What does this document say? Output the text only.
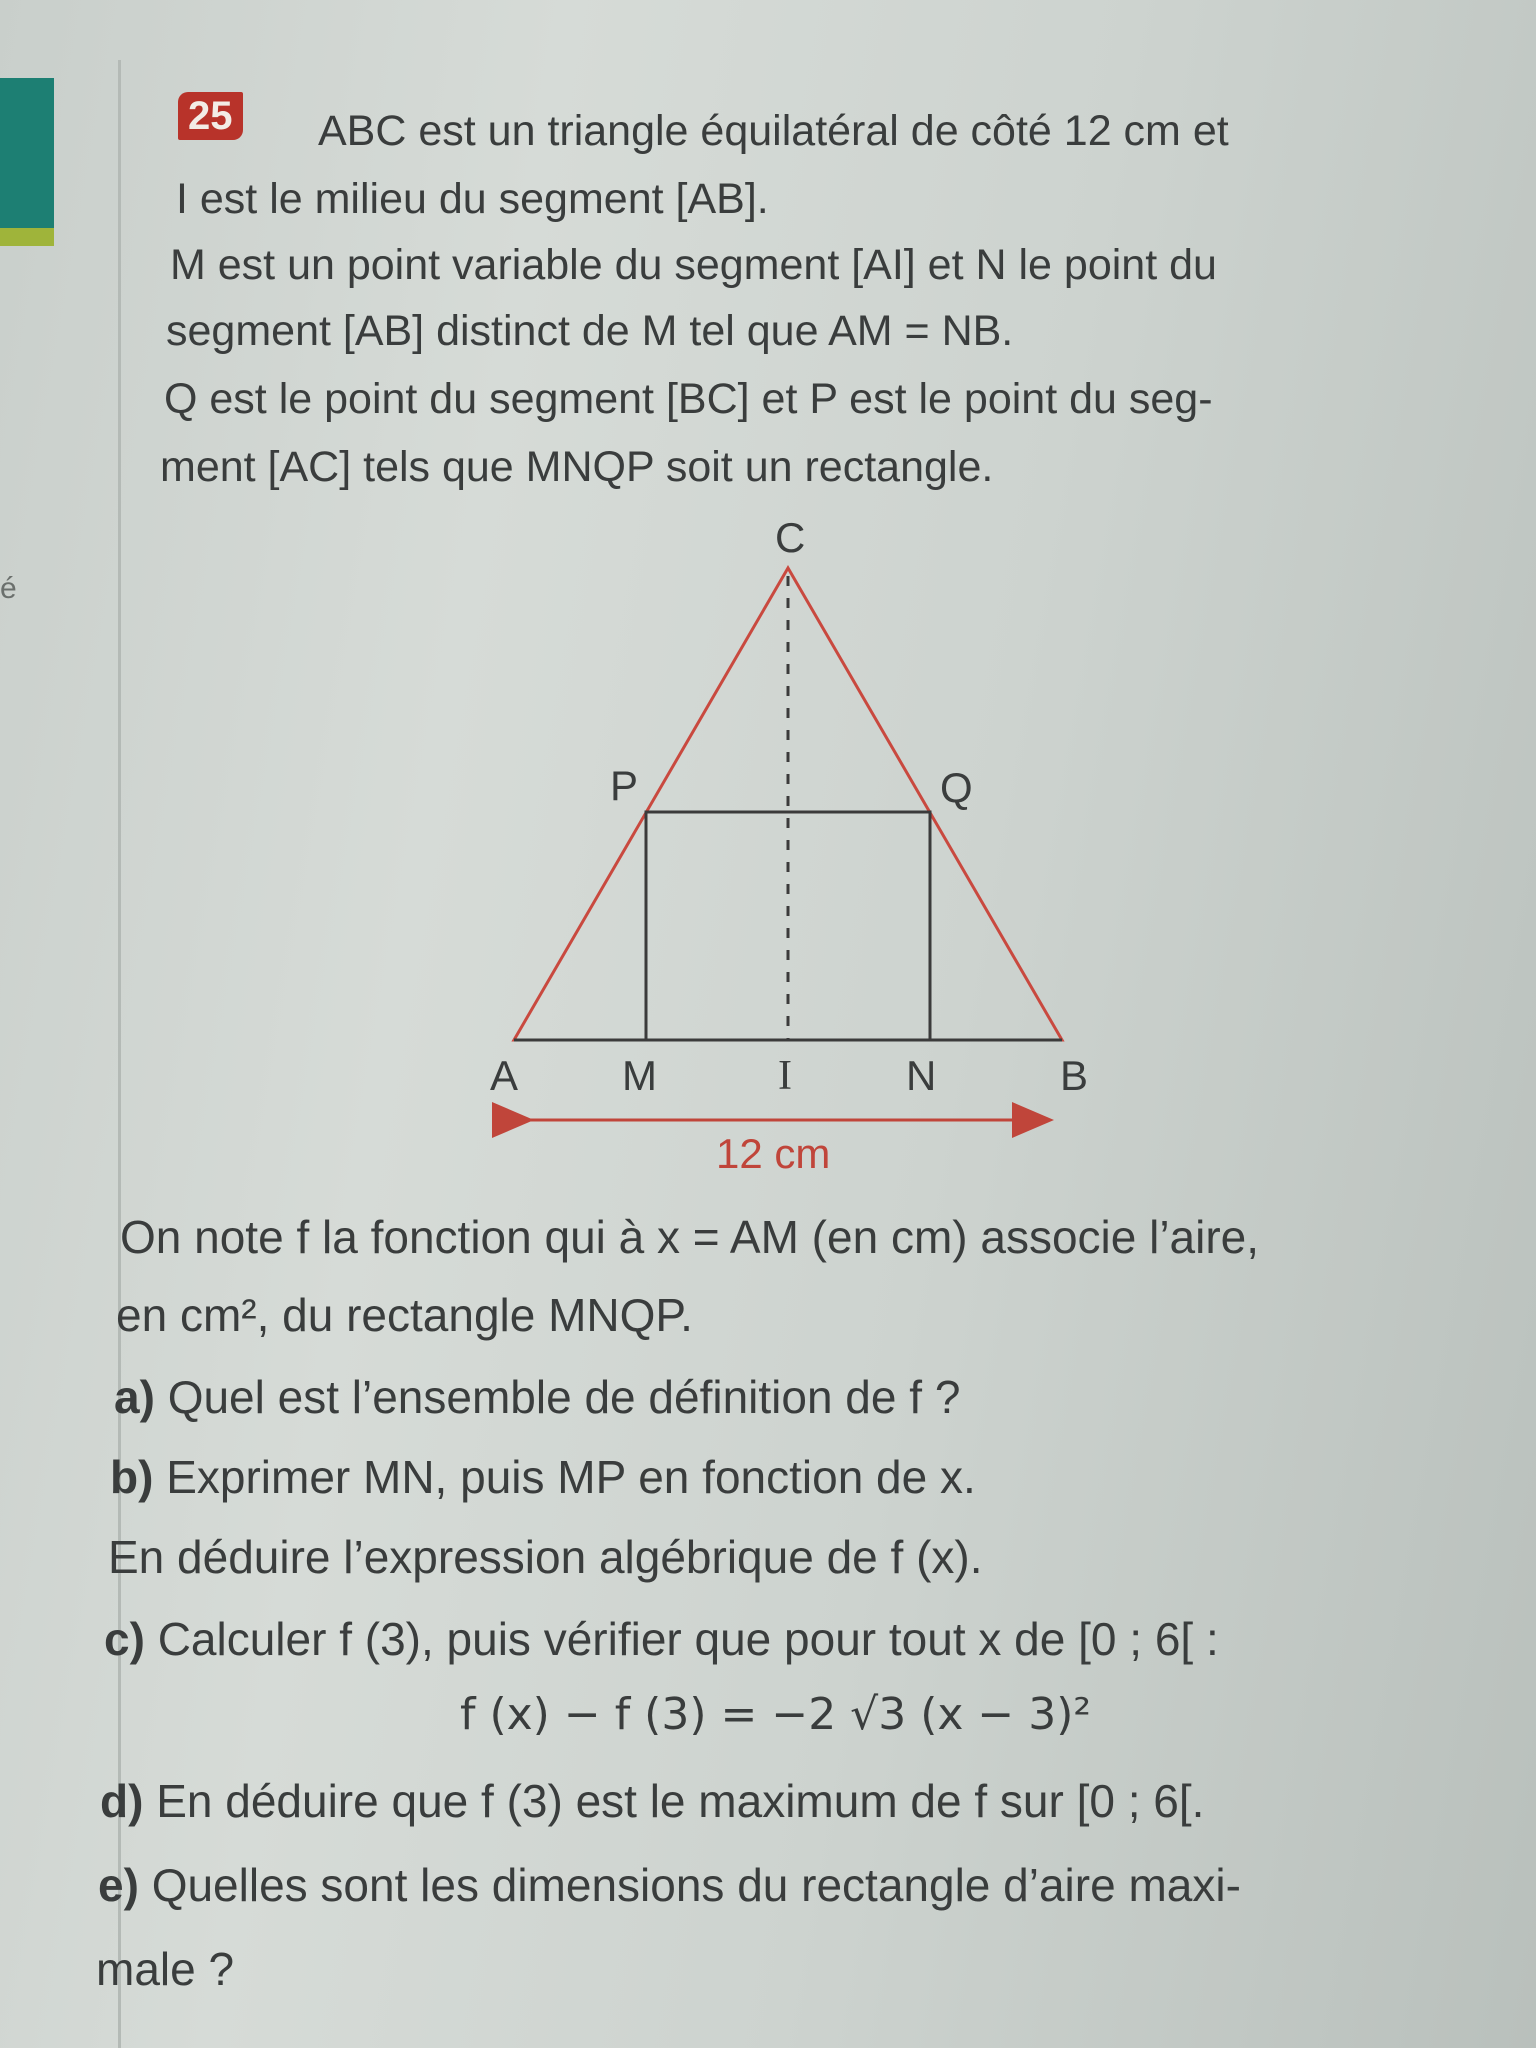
é
25 ABC est un triangle équilatéral de côté 12 cm et
I est le milieu du segment [AB].
M est un point variable du segment [AI] et N le point du
segment [AB] distinct de M tel que AM = NB.
Q est le point du segment [BC] et P est le point du seg-
ment [AC] tels que MNQP soit un rectangle.
C
P	Q
A M	I	N	B
12 cm
On note f la fonction qui à x = AM (en cm) associe l’aire,
en cm², du rectangle MNQP.
a) Quel est l’ensemble de définition de f ?
b) Exprimer MN, puis MP en fonction de x.
En déduire l’expression algébrique de f (x).
c) Calculer f (3), puis vérifier que pour tout x de [0 ; 6[ :
f (x) − f (3) = −2 √3 (x − 3)²
d) En déduire que f (3) est le maximum de f sur [0 ; 6[.
e) Quelles sont les dimensions du rectangle d’aire maxi-
male ?
